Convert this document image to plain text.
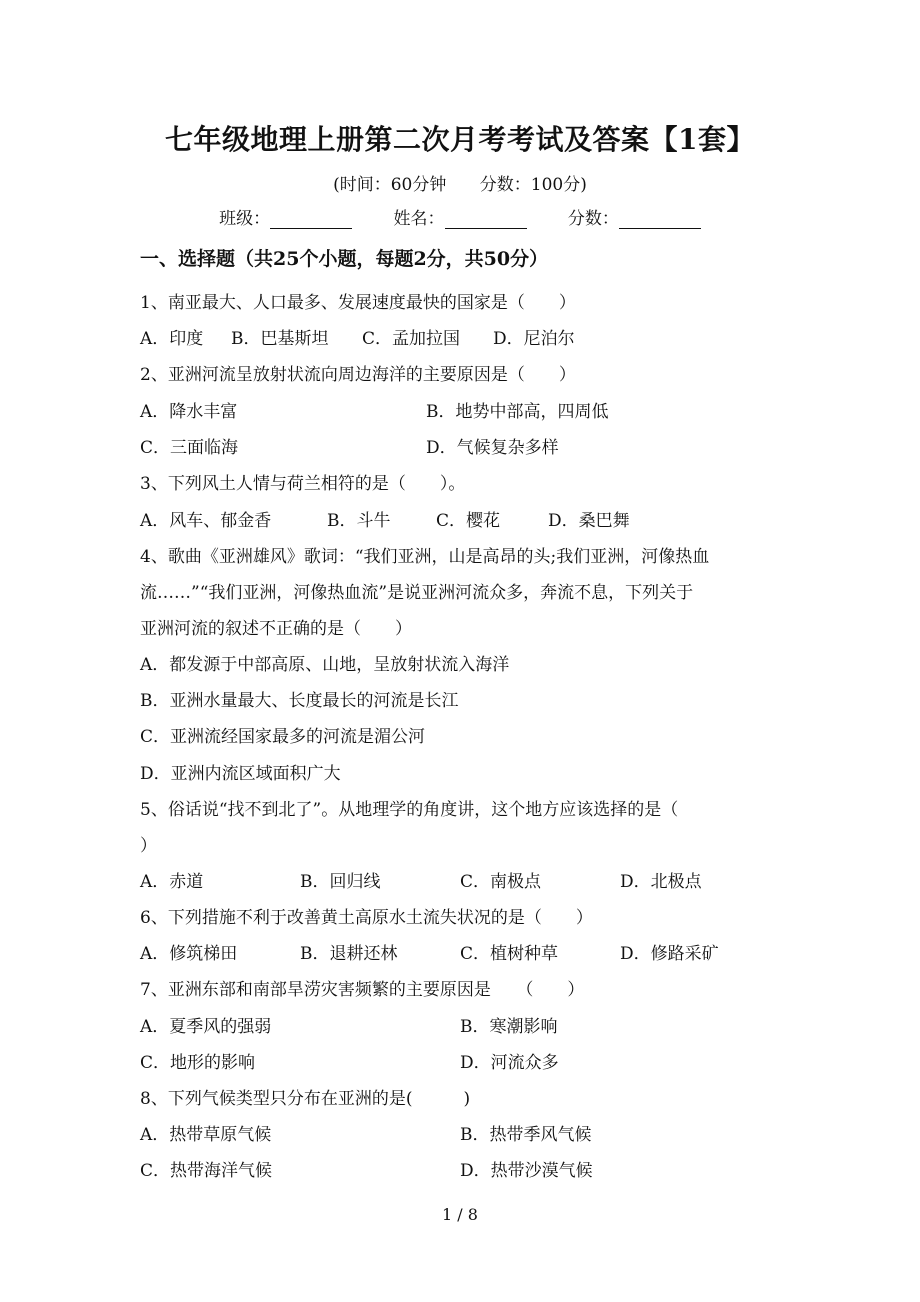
七年级地理上册第二次月考考试及答案【1套】
(时间：60分钟 分数：100分)
班级：	姓名：	分数：
一、选择题（共25个小题，每题2分，共50分）
1、南亚最大、人口最多、发展速度最快的国家是（　　）
A．印度 B．巴基斯坦 C．孟加拉国 D．尼泊尔
2、亚洲河流呈放射状流向周边海洋的主要原因是（　　）
A．降水丰富	B．地势中部高，四周低
C．三面临海	D．气候复杂多样
3、下列风土人情与荷兰相符的是（　　）。
A．风车、郁金香	B．斗牛	C．樱花	D．桑巴舞
4、歌曲《亚洲雄风》歌词：“我们亚洲，山是高昂的头;我们亚洲，河像热血
流……”“我们亚洲，河像热血流”是说亚洲河流众多，奔流不息，下列关于
亚洲河流的叙述不正确的是（　　）
A．都发源于中部高原、山地，呈放射状流入海洋
B．亚洲水量最大、长度最长的河流是长江
C．亚洲流经国家最多的河流是湄公河
D．亚洲内流区域面积广大
5、俗话说“找不到北了”。从地理学的角度讲，这个地方应该选择的是（
）
A．赤道	B．回归线	C．南极点	D．北极点
6、下列措施不利于改善黄土高原水土流失状况的是（　　）
A．修筑梯田	B．退耕还林	C．植树种草	D．修路采矿
7、亚洲东部和南部旱涝灾害频繁的主要原因是　　（　　）
A．夏季风的强弱	B．寒潮影响
C．地形的影响	D．河流众多
8、下列气候类型只分布在亚洲的是(　　　)
A．热带草原气候	B．热带季风气候
C．热带海洋气候	D．热带沙漠气候
1 / 8
